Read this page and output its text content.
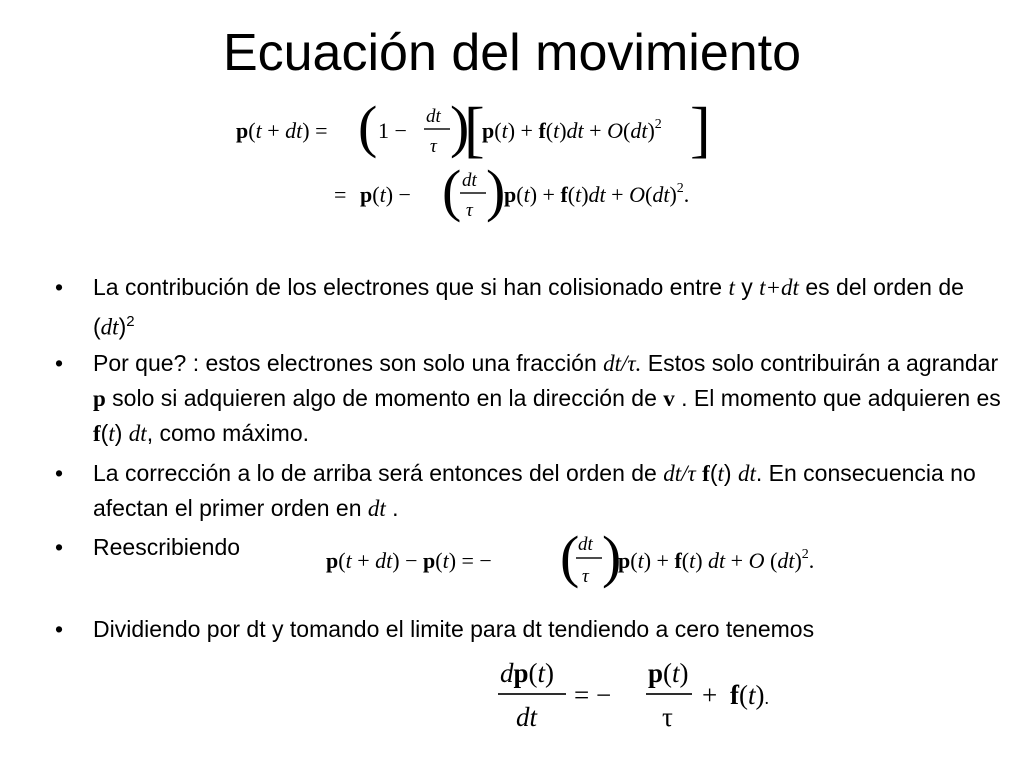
Ecuación del movimiento
p(t + dt) = ( 1 −
dt
τ )
[
p(t) + f(t)dt + O(dt)$^2$ ]
= p(t) − ( dt
τ )
p(t) + f(t)dt + O(dt)$^2$.
•	La contribución de los electrones que si han colisionado entre t y t+dt es del orden de (dt)$^2$
•	Por que? : estos electrones son solo una fracción dt/τ. Estos solo contribuirán a agrandar p solo si adquieren algo de momento en la dirección de v . El momento que adquieren es f(t) dt, como máximo.
•	La corrección a lo de arriba será entonces del orden de dt/τ f(t) dt. En consecuencia no afectan el primer orden en dt .
•	Reescribiendo
•	Dividiendo por dt y tomando el limite para dt tendiendo a cero tenemos
p(t + dt) − p(t) = − (
dt
τ )
p(t) + f(t) dt + O (dt)$^2$.
dp(t)
dt
= −
p(t)
τ
+ f(t).
